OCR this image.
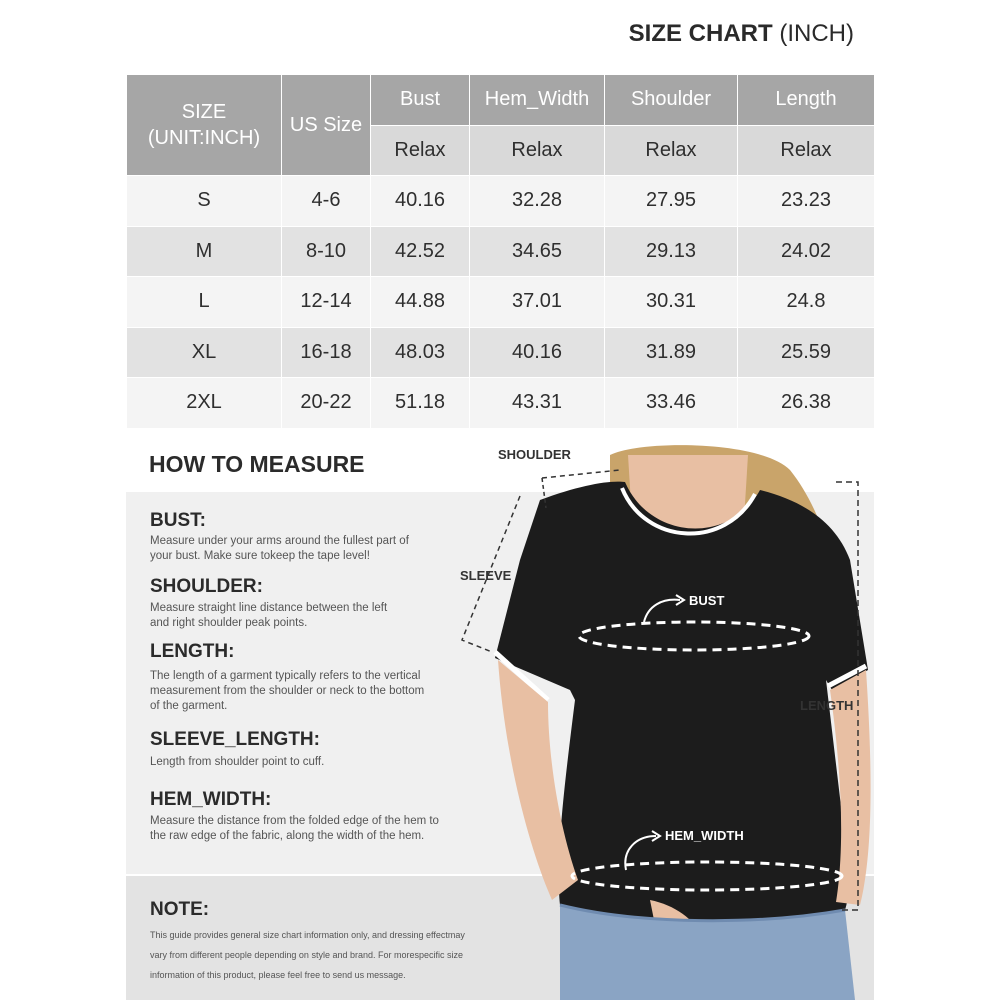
SIZE CHART (INCH)
SIZE
(UNIT:INCH)	US Size	Bust	Hem_Width	Shoulder	Length
		Relax	Relax	Relax	Relax
S	4-6	40.16	32.28	27.95	23.23
M	8-10	42.52	34.65	29.13	24.02
L	12-14	44.88	37.01	30.31	24.8
XL	16-18	48.03	40.16	31.89	25.59
2XL	20-22	51.18	43.31	33.46	26.38
SHOULDER
SLEEVE
BUST
LENGTH
HEM_WIDTH
HOW TO MEASURE
BUST:
Measure under your arms around the fullest part of
your bust. Make sure tokeep the tape level!
SHOULDER:
Measure straight line distance between the left
and right shoulder peak points.
LENGTH:
The length of a garment typically refers to the vertical
measurement from the shoulder or neck to the bottom
of the garment.
SLEEVE_LENGTH:
Length from shoulder point to cuff.
HEM_WIDTH:
Measure the distance from the folded edge of the hem to
the raw edge of the fabric, along the width of the hem.
NOTE:
This guide provides general size chart information only, and dressing effectmay
vary from different people depending on style and brand. For morespecific size
information of this product, please feel free to send us message.
